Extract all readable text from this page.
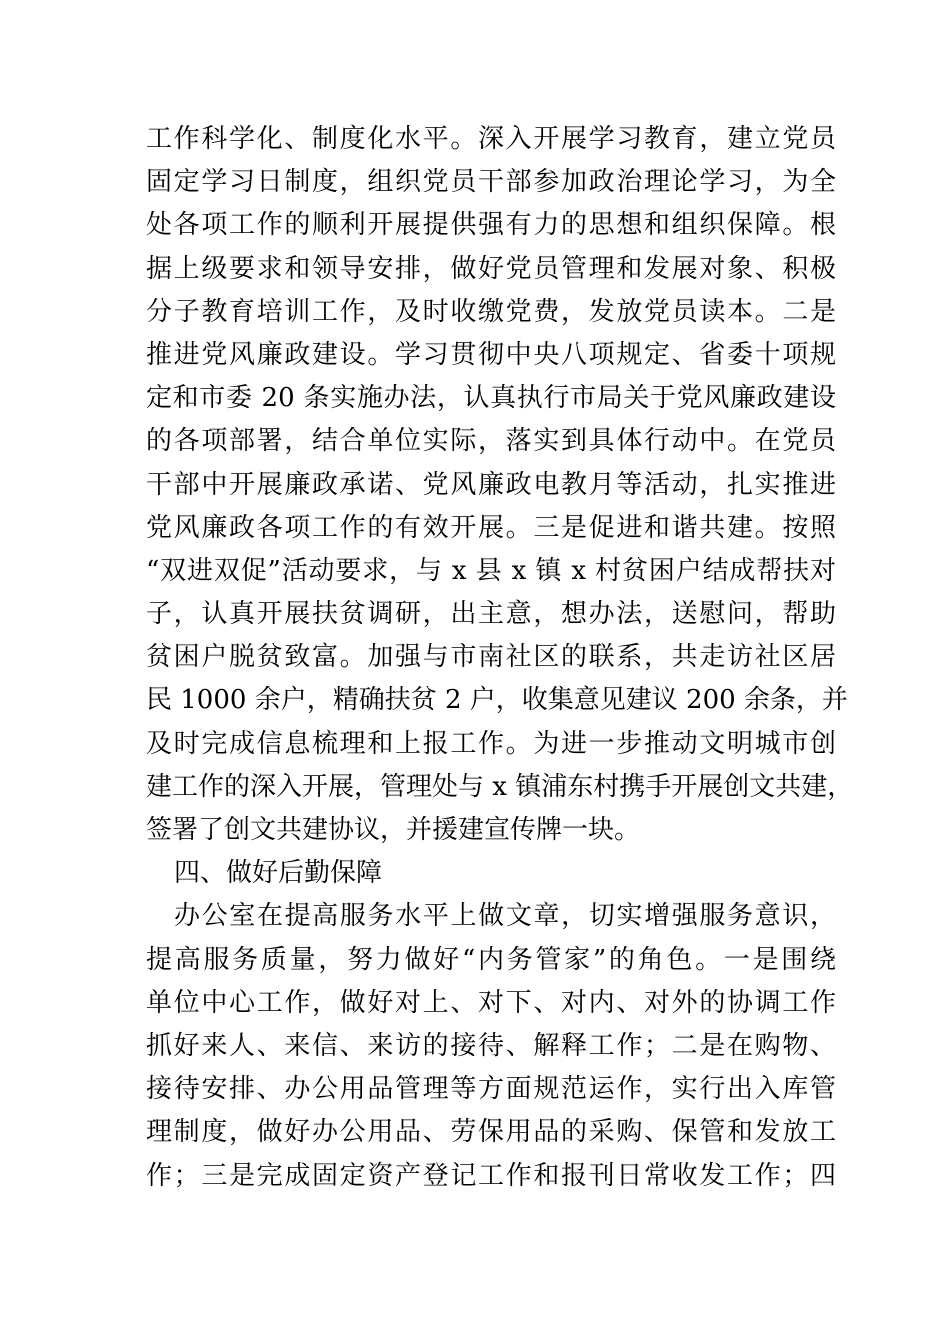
工作科学化、制度化水平。深入开展学习教育，建立党员
固定学习日制度，组织党员干部参加政治理论学习，为全
处各项工作的顺利开展提供强有力的思想和组织保障。根
据上级要求和领导安排，做好党员管理和发展对象、积极
分子教育培训工作，及时收缴党费，发放党员读本。二是
推进党风廉政建设。学习贯彻中央八项规定、省委十项规
定和市委 20 条实施办法，认真执行市局关于党风廉政建设
的各项部署，结合单位实际，落实到具体行动中。在党员
干部中开展廉政承诺、党风廉政电教月等活动，扎实推进
党风廉政各项工作的有效开展。三是促进和谐共建。按照
“双进双促”活动要求，与 x 县 x 镇 x 村贫困户结成帮扶对
子，认真开展扶贫调研，出主意，想办法，送慰问，帮助
贫困户脱贫致富。加强与市南社区的联系，共走访社区居
民 1000 余户，精确扶贫 2 户，收集意见建议 200 余条，并
及时完成信息梳理和上报工作。为进一步推动文明城市创
建工作的深入开展，管理处与 x 镇浦东村携手开展创文共建，
签署了创文共建协议，并援建宣传牌一块。
四、做好后勤保障
办公室在提高服务水平上做文章，切实增强服务意识，
提高服务质量，努力做好“内务管家”的角色。一是围绕
单位中心工作，做好对上、对下、对内、对外的协调工作
抓好来人、来信、来访的接待、解释工作；二是在购物、
接待安排、办公用品管理等方面规范运作，实行出入库管
理制度，做好办公用品、劳保用品的采购、保管和发放工
作；三是完成固定资产登记工作和报刊日常收发工作；四
